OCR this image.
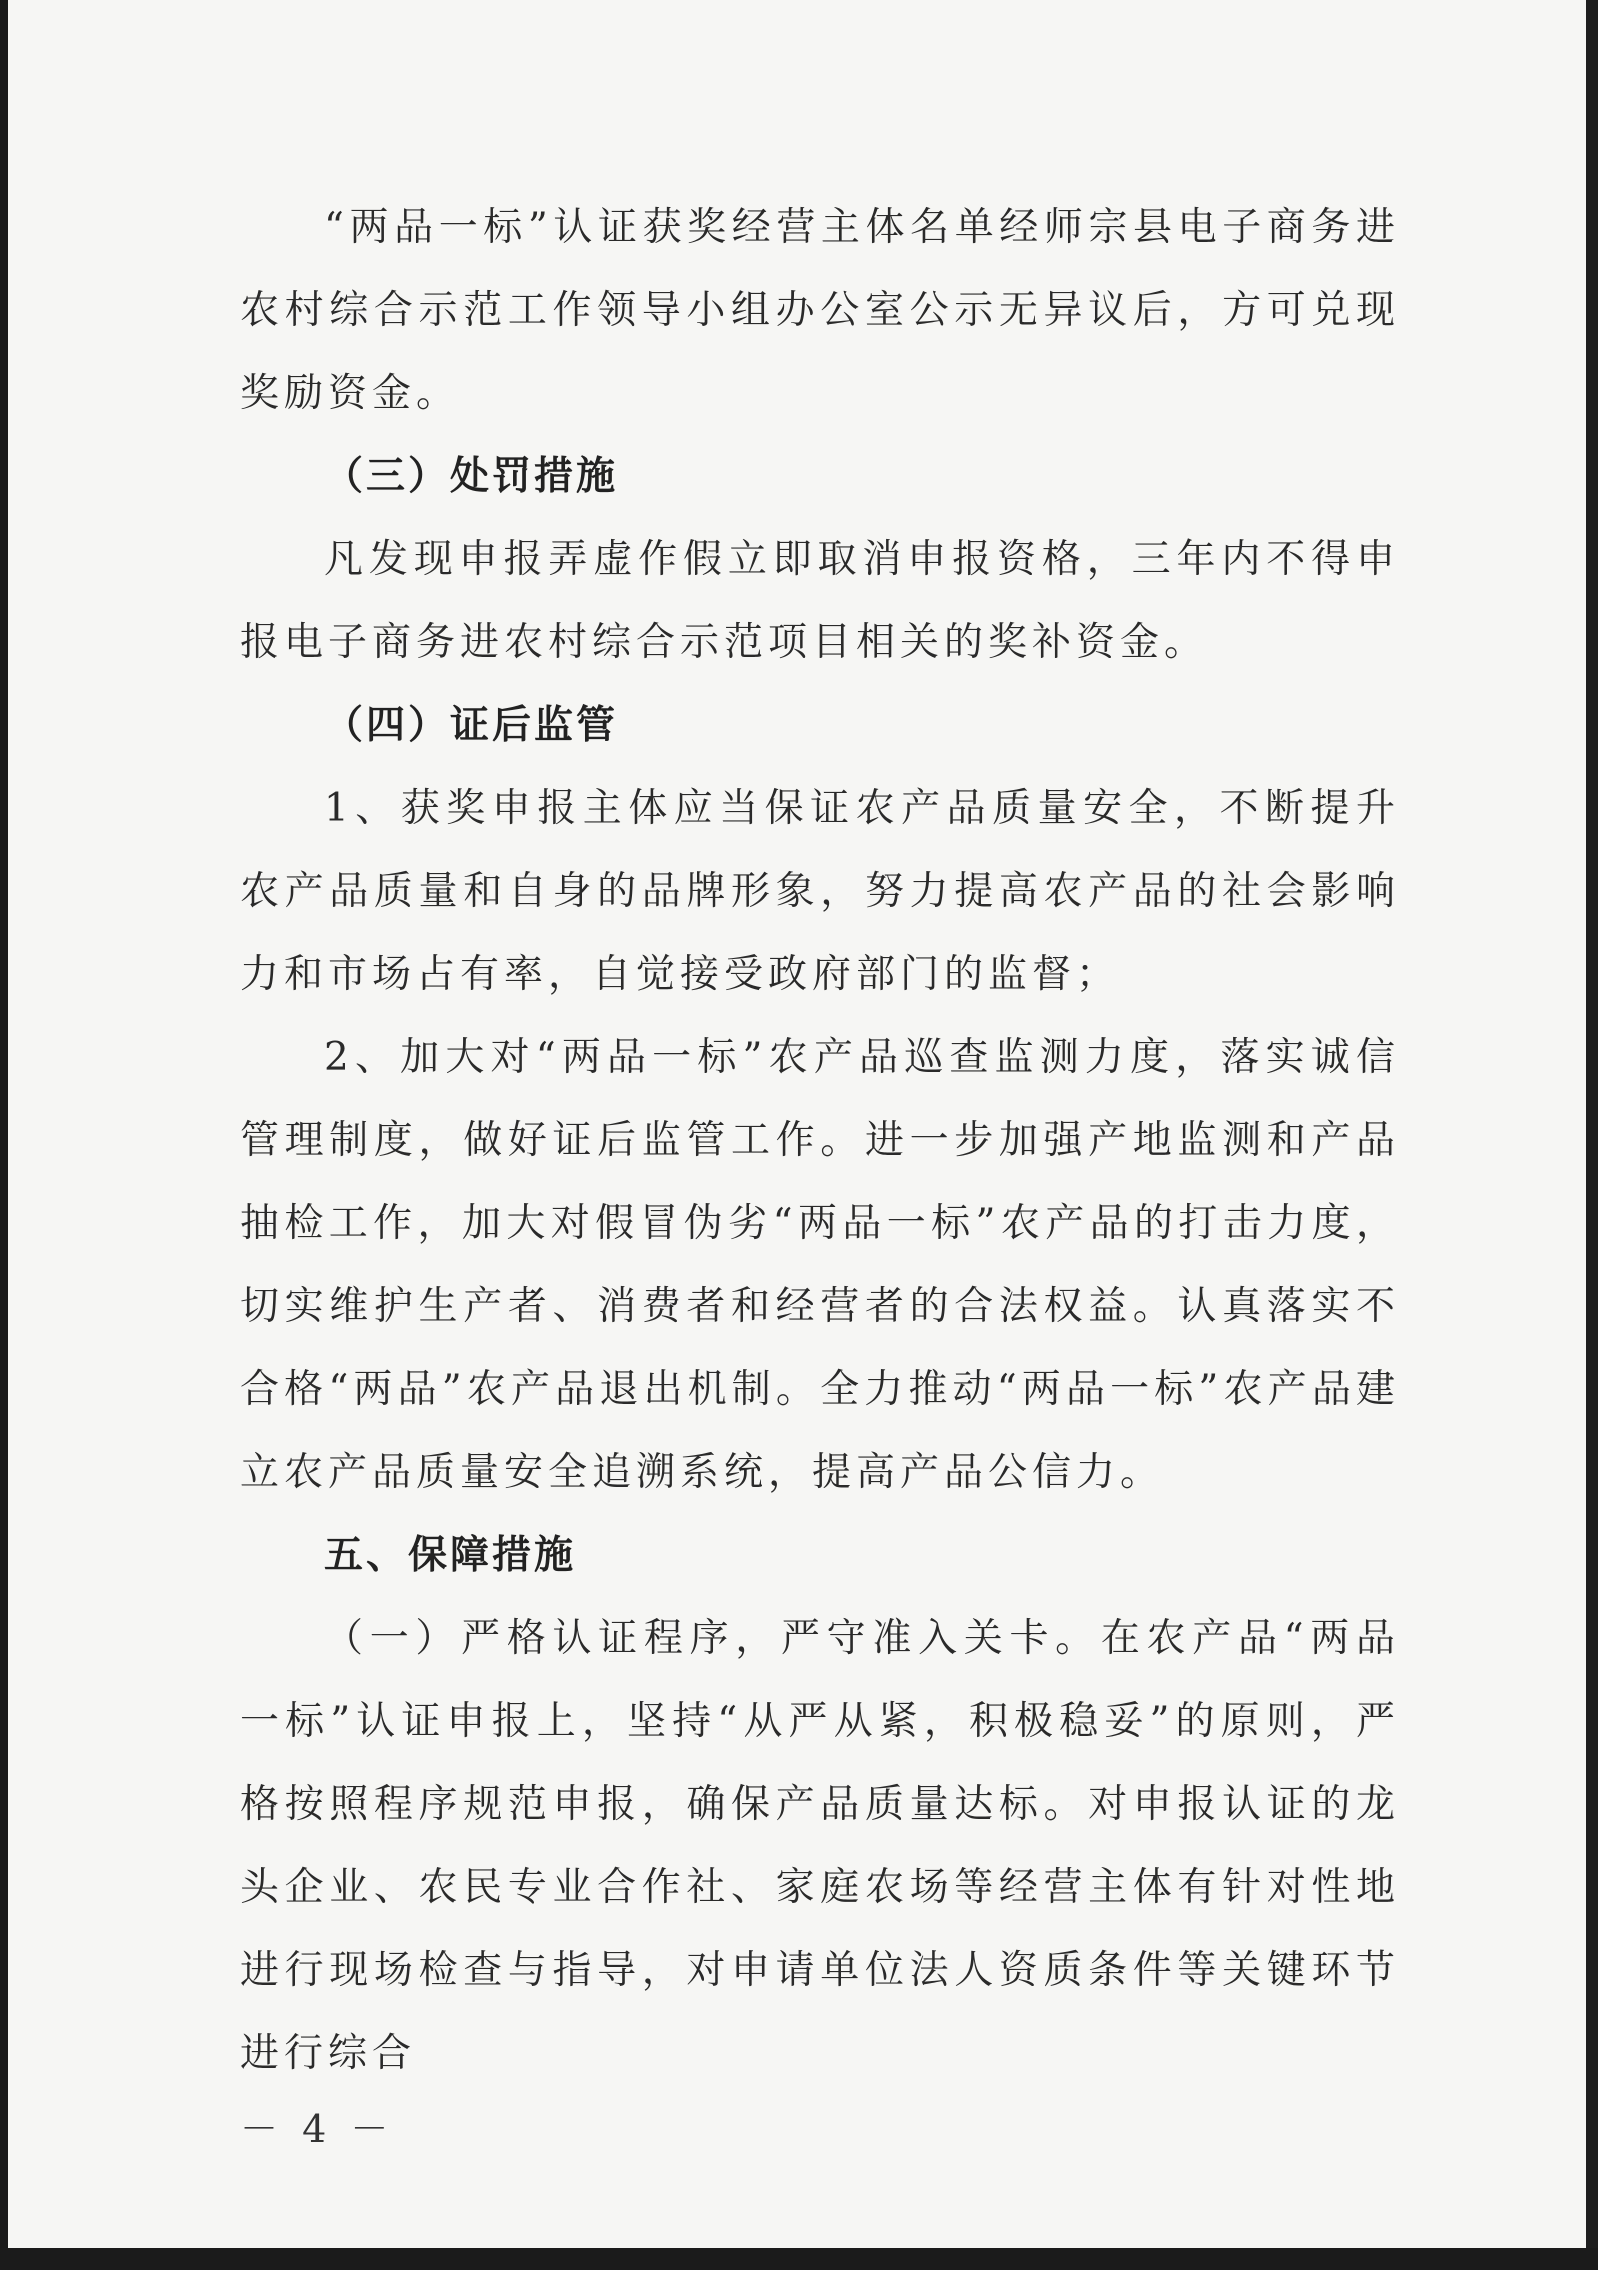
“两品一标”认证获奖经营主体名单经师宗县电子商务进农村综合示范工作领导小组办公室公示无异议后，方可兑现奖励资金。

（三）处罚措施

凡发现申报弄虚作假立即取消申报资格，三年内不得申报电子商务进农村综合示范项目相关的奖补资金。

（四）证后监管

1、获奖申报主体应当保证农产品质量安全，不断提升农产品质量和自身的品牌形象，努力提高农产品的社会影响力和市场占有率，自觉接受政府部门的监督；

2、加大对“两品一标”农产品巡查监测力度，落实诚信管理制度，做好证后监管工作。进一步加强产地监测和产品抽检工作，加大对假冒伪劣“两品一标”农产品的打击力度，切实维护生产者、消费者和经营者的合法权益。认真落实不合格“两品”农产品退出机制。全力推动“两品一标”农产品建立农产品质量安全追溯系统，提高产品公信力。

五、保障措施

（一）严格认证程序，严守准入关卡。在农产品“两品一标”认证申报上，坚持“从严从紧，积极稳妥”的原则，严格按照程序规范申报，确保产品质量达标。对申报认证的龙头企业、农民专业合作社、家庭农场等经营主体有针对性地进行现场检查与指导，对申请单位法人资质条件等关键环节进行综合

－ 4 －
